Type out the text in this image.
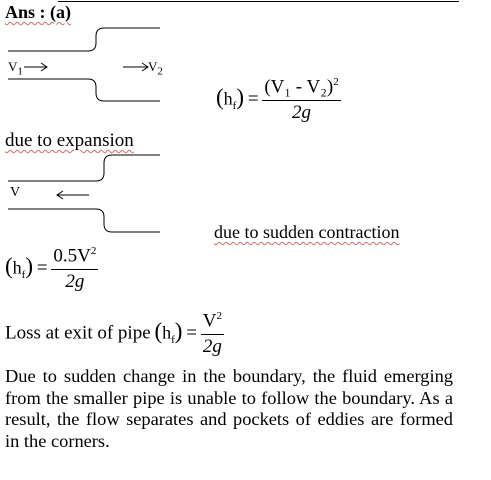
Ans : (a)
$V_1$	$V_2$
$(h_f) = \frac{(V_1 - V_2)^2}{2g}$
due to expansion
V
due to sudden contraction
$(h_f) = \frac{0.5V^2}{2g}$
Loss at exit of pipe  $(h_f) = \frac{V^2}{2g}$
Due to sudden change in the boundary, the fluid emerging from the smaller pipe is unable to follow the boundary. As a result, the flow separates and pockets of eddies are formed in the corners.
